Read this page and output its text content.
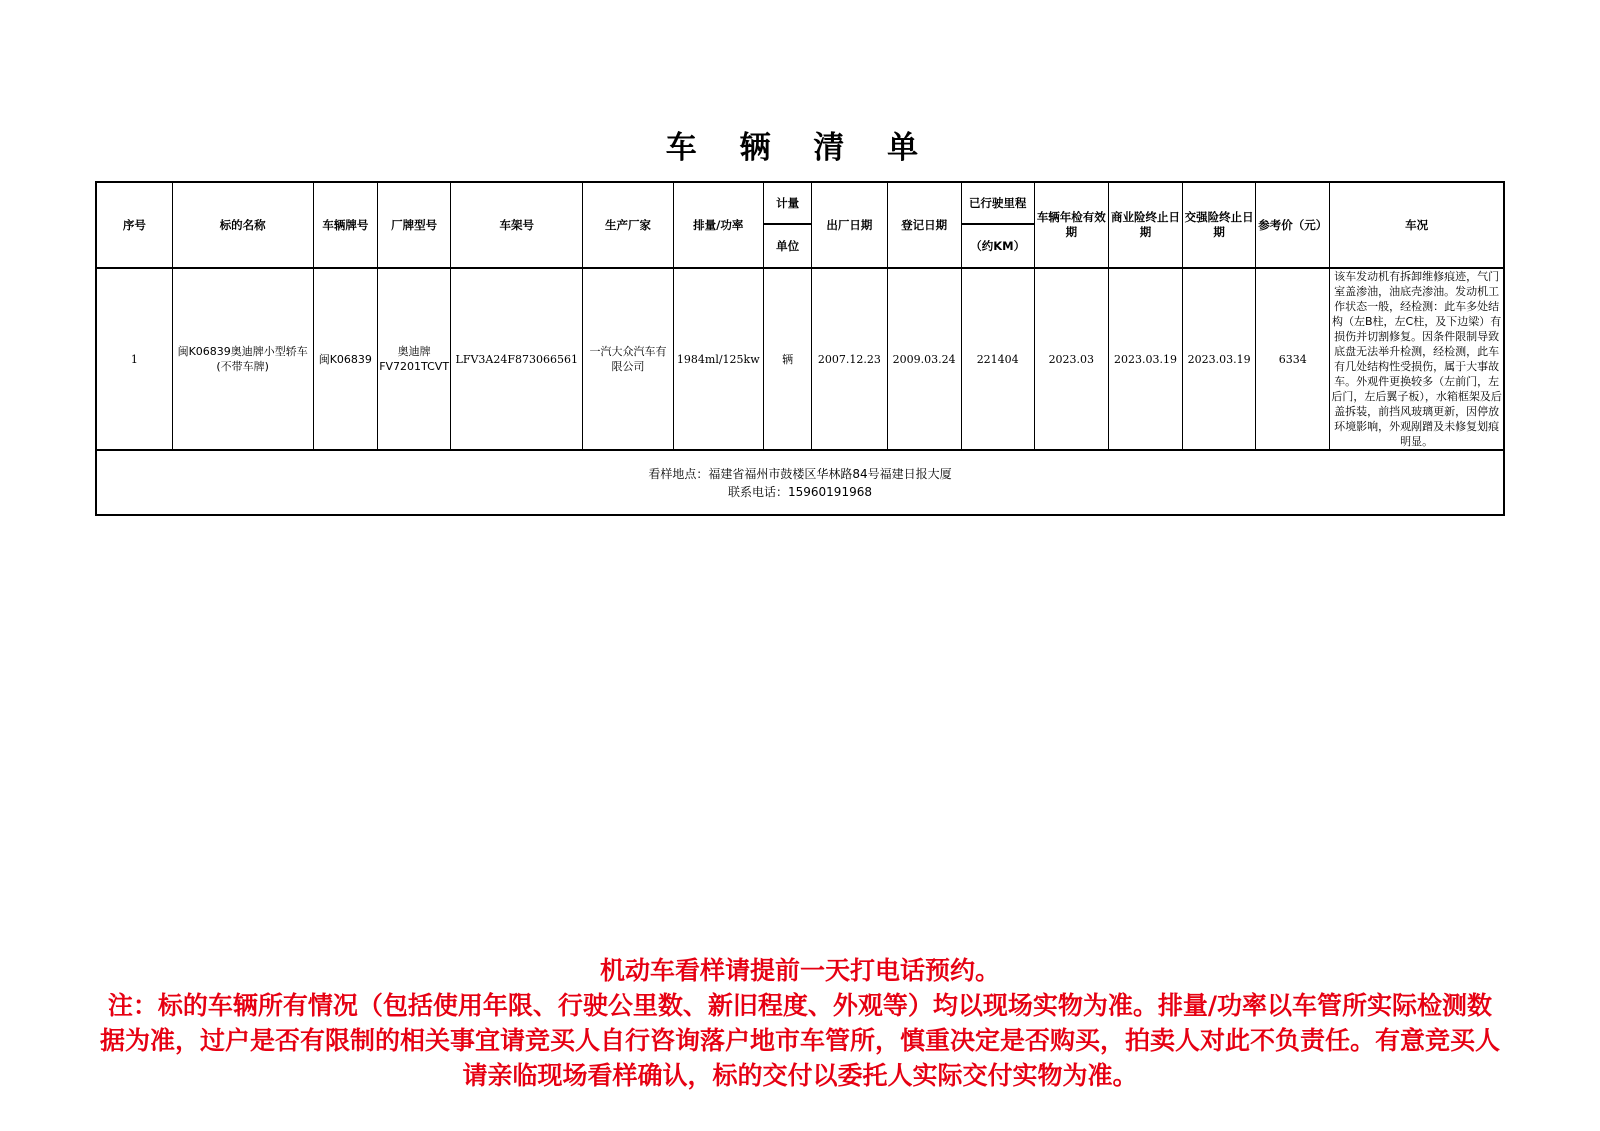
车 辆 清 单
序号	标的名称	车辆牌号	厂牌型号	车架号	生产厂家	排量/功率	计量	出厂日期	登记日期	已行驶里程	车辆年检有效期	商业险终止日期	交强险终止日期	参考价（元）	车况
							单位			（约KM）					
1	闽K06839奥迪牌小型轿车(不带车牌)	闽K06839	奥迪牌FV7201TCVT	LFV3A24F873066561	一汽大众汽车有限公司	1984ml/125kw	辆	2007.12.23	2009.03.24	221404	2023.03	2023.03.19	2023.03.19	6334	该车发动机有拆卸维修痕迹，气门室盖渗油，油底壳渗油。发动机工作状态一般，经检测：此车多处结构（左B柱，左C柱，及下边梁）有损伤并切割修复。因条件限制导致底盘无法举升检测，经检测，此车有几处结构性受损伤，属于大事故车。外观件更换较多（左前门，左后门，左后翼子板），水箱框架及后盖拆装，前挡风玻璃更新，因停放环境影响，外观剐蹭及未修复划痕明显。

看样地点：福建省福州市鼓楼区华林路84号福建日报大厦
联系电话：15960191968															
机动车看样请提前一天打电话预约。
注：标的车辆所有情况（包括使用年限、行驶公里数、新旧程度、外观等）均以现场实物为准。排量/功率以车管所实际检测数据为准，过户是否有限制的相关事宜请竞买人自行咨询落户地市车管所，慎重决定是否购买，拍卖人对此不负责任。有意竞买人请亲临现场看样确认，标的交付以委托人实际交付实物为准。
